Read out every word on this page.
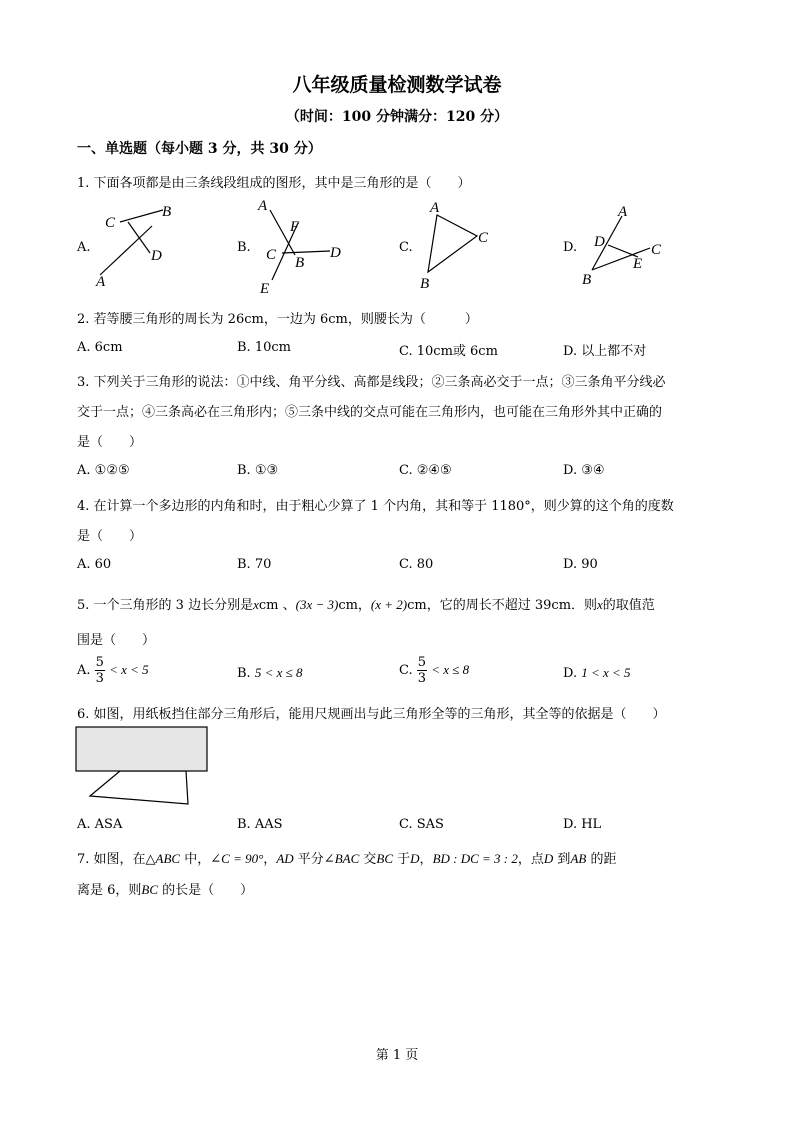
八年级质量检测数学试卷
（时间：100 分钟满分：120 分）
一、单选题（每小题 3 分，共 30 分）
1. 下面各项都是由三条线段组成的图形，其中是三角形的是（　　）
A.
C
B
D
A
B.
A
F
D
C B
E
C.
A
C
B
D.
A
D	C
E
B
2. 若等腰三角形的周长为 26cm，一边为 6cm，则腰长为（　　　）
A. 6cm	B. 10cm	C. 10cm或 6cm	D. 以上都不对
3. 下列关于三角形的说法：①中线、角平分线、高都是线段；②三条高必交于一点；③三条角平分线必
交于一点；④三条高必在三角形内；⑤三条中线的交点可能在三角形内，也可能在三角形外其中正确的
是（　　）
A. ①②⑤	B. ①③	C. ②④⑤	D. ③④
4. 在计算一个多边形的内角和时，由于粗心少算了 1 个内角，其和等于 1180°，则少算的这个角的度数
是（　　）
A. 60	B. 70	C. 80	D. 90
5. 一个三角形的 3 边长分别是xcm 、(3x − 3)cm，(x + 2)cm，它的周长不超过 39cm．则x的取值范
围是（　　）
A. $\frac{5}{3} < x < 5$	B. 5 < x ≤ 8	C. $\frac{5}{3} < x \le 8$	D. 1 < x < 5
6. 如图，用纸板挡住部分三角形后，能用尺规画出与此三角形全等的三角形，其全等的依据是（　　）
A. ASA	B. AAS	C. SAS	D. HL
7. 如图，在△ABC 中，∠C = 90°，AD 平分∠BAC 交BC 于D，BD : DC = 3 : 2，点D 到AB 的距
离是 6，则BC 的长是（　　）
第 1 页
